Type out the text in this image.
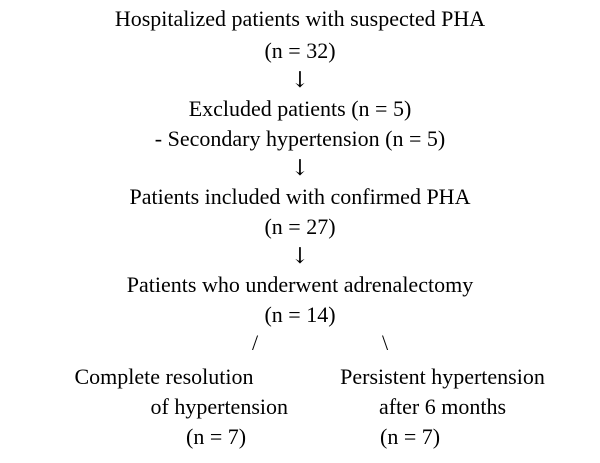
Hospitalized patients with suspected PHA
(n = 32)
↓
Excluded patients (n = 5)
- Secondary hypertension (n = 5)
↓
Patients included with confirmed PHA
(n = 27)
↓
Patients who underwent adrenalectomy
(n = 14)
/	\
Complete resolution
of hypertension
(n = 7)
Persistent hypertension
after 6 months
(n = 7)
